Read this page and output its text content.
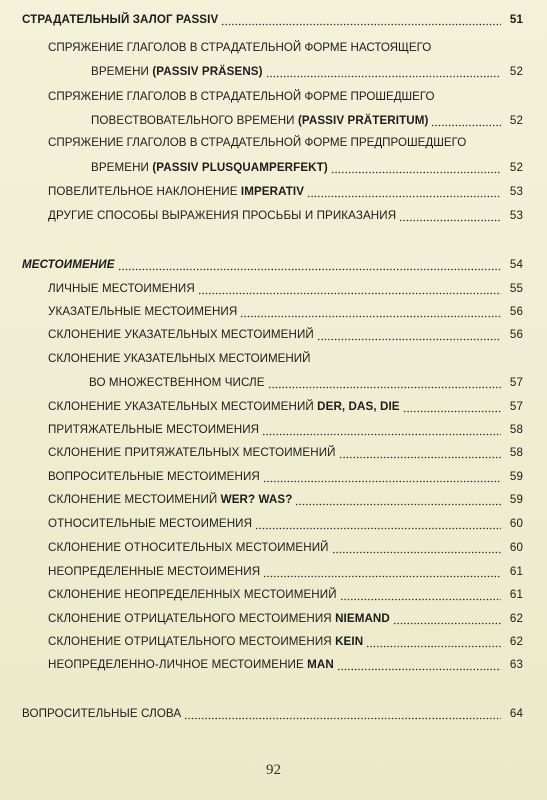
СТРАДАТЕЛЬНЫЙ ЗАЛОГ PASSIV	51
СПРЯЖЕНИЕ ГЛАГОЛОВ В СТРАДАТЕЛЬНОЙ ФОРМЕ НАСТОЯЩЕГО
ВРЕМЕНИ (PASSIV PRÄSENS)	52
СПРЯЖЕНИЕ ГЛАГОЛОВ В СТРАДАТЕЛЬНОЙ ФОРМЕ ПРОШЕДШЕГО
ПОВЕСТВОВАТЕЛЬНОГО ВРЕМЕНИ (PASSIV PRÄTERITUM)	52
СПРЯЖЕНИЕ ГЛАГОЛОВ В СТРАДАТЕЛЬНОЙ ФОРМЕ ПРЕДПРОШЕДШЕГО
ВРЕМЕНИ (PASSIV PLUSQUAMPERFEKT)	52
ПОВЕЛИТЕЛЬНОЕ НАКЛОНЕНИЕ IMPERATIV	53
ДРУГИЕ СПОСОБЫ ВЫРАЖЕНИЯ ПРОСЬБЫ И ПРИКАЗАНИЯ	53
МЕСТОИМЕНИЕ	54
ЛИЧНЫЕ МЕСТОИМЕНИЯ	55
УКАЗАТЕЛЬНЫЕ МЕСТОИМЕНИЯ	56
СКЛОНЕНИЕ УКАЗАТЕЛЬНЫХ МЕСТОИМЕНИЙ	56
СКЛОНЕНИЕ УКАЗАТЕЛЬНЫХ МЕСТОИМЕНИЙ
ВО МНОЖЕСТВЕННОМ ЧИСЛЕ	57
СКЛОНЕНИЕ УКАЗАТЕЛЬНЫХ МЕСТОИМЕНИЙ DER, DAS, DIE	57
ПРИТЯЖАТЕЛЬНЫЕ МЕСТОИМЕНИЯ	58
СКЛОНЕНИЕ ПРИТЯЖАТЕЛЬНЫХ МЕСТОИМЕНИЙ	58
ВОПРОСИТЕЛЬНЫЕ МЕСТОИМЕНИЯ	59
СКЛОНЕНИЕ МЕСТОИМЕНИЙ WER? WAS?	59
ОТНОСИТЕЛЬНЫЕ МЕСТОИМЕНИЯ	60
СКЛОНЕНИЕ ОТНОСИТЕЛЬНЫХ МЕСТОИМЕНИЙ	60
НЕОПРЕДЕЛЕННЫЕ МЕСТОИМЕНИЯ	61
СКЛОНЕНИЕ НЕОПРЕДЕЛЕННЫХ МЕСТОИМЕНИЙ	61
СКЛОНЕНИЕ ОТРИЦАТЕЛЬНОГО МЕСТОИМЕНИЯ NIEMAND	62
СКЛОНЕНИЕ ОТРИЦАТЕЛЬНОГО МЕСТОИМЕНИЯ KEIN	62
НЕОПРЕДЕЛЕННО-ЛИЧНОЕ МЕСТОИМЕНИЕ MAN	63
ВОПРОСИТЕЛЬНЫЕ СЛОВА	64
92
